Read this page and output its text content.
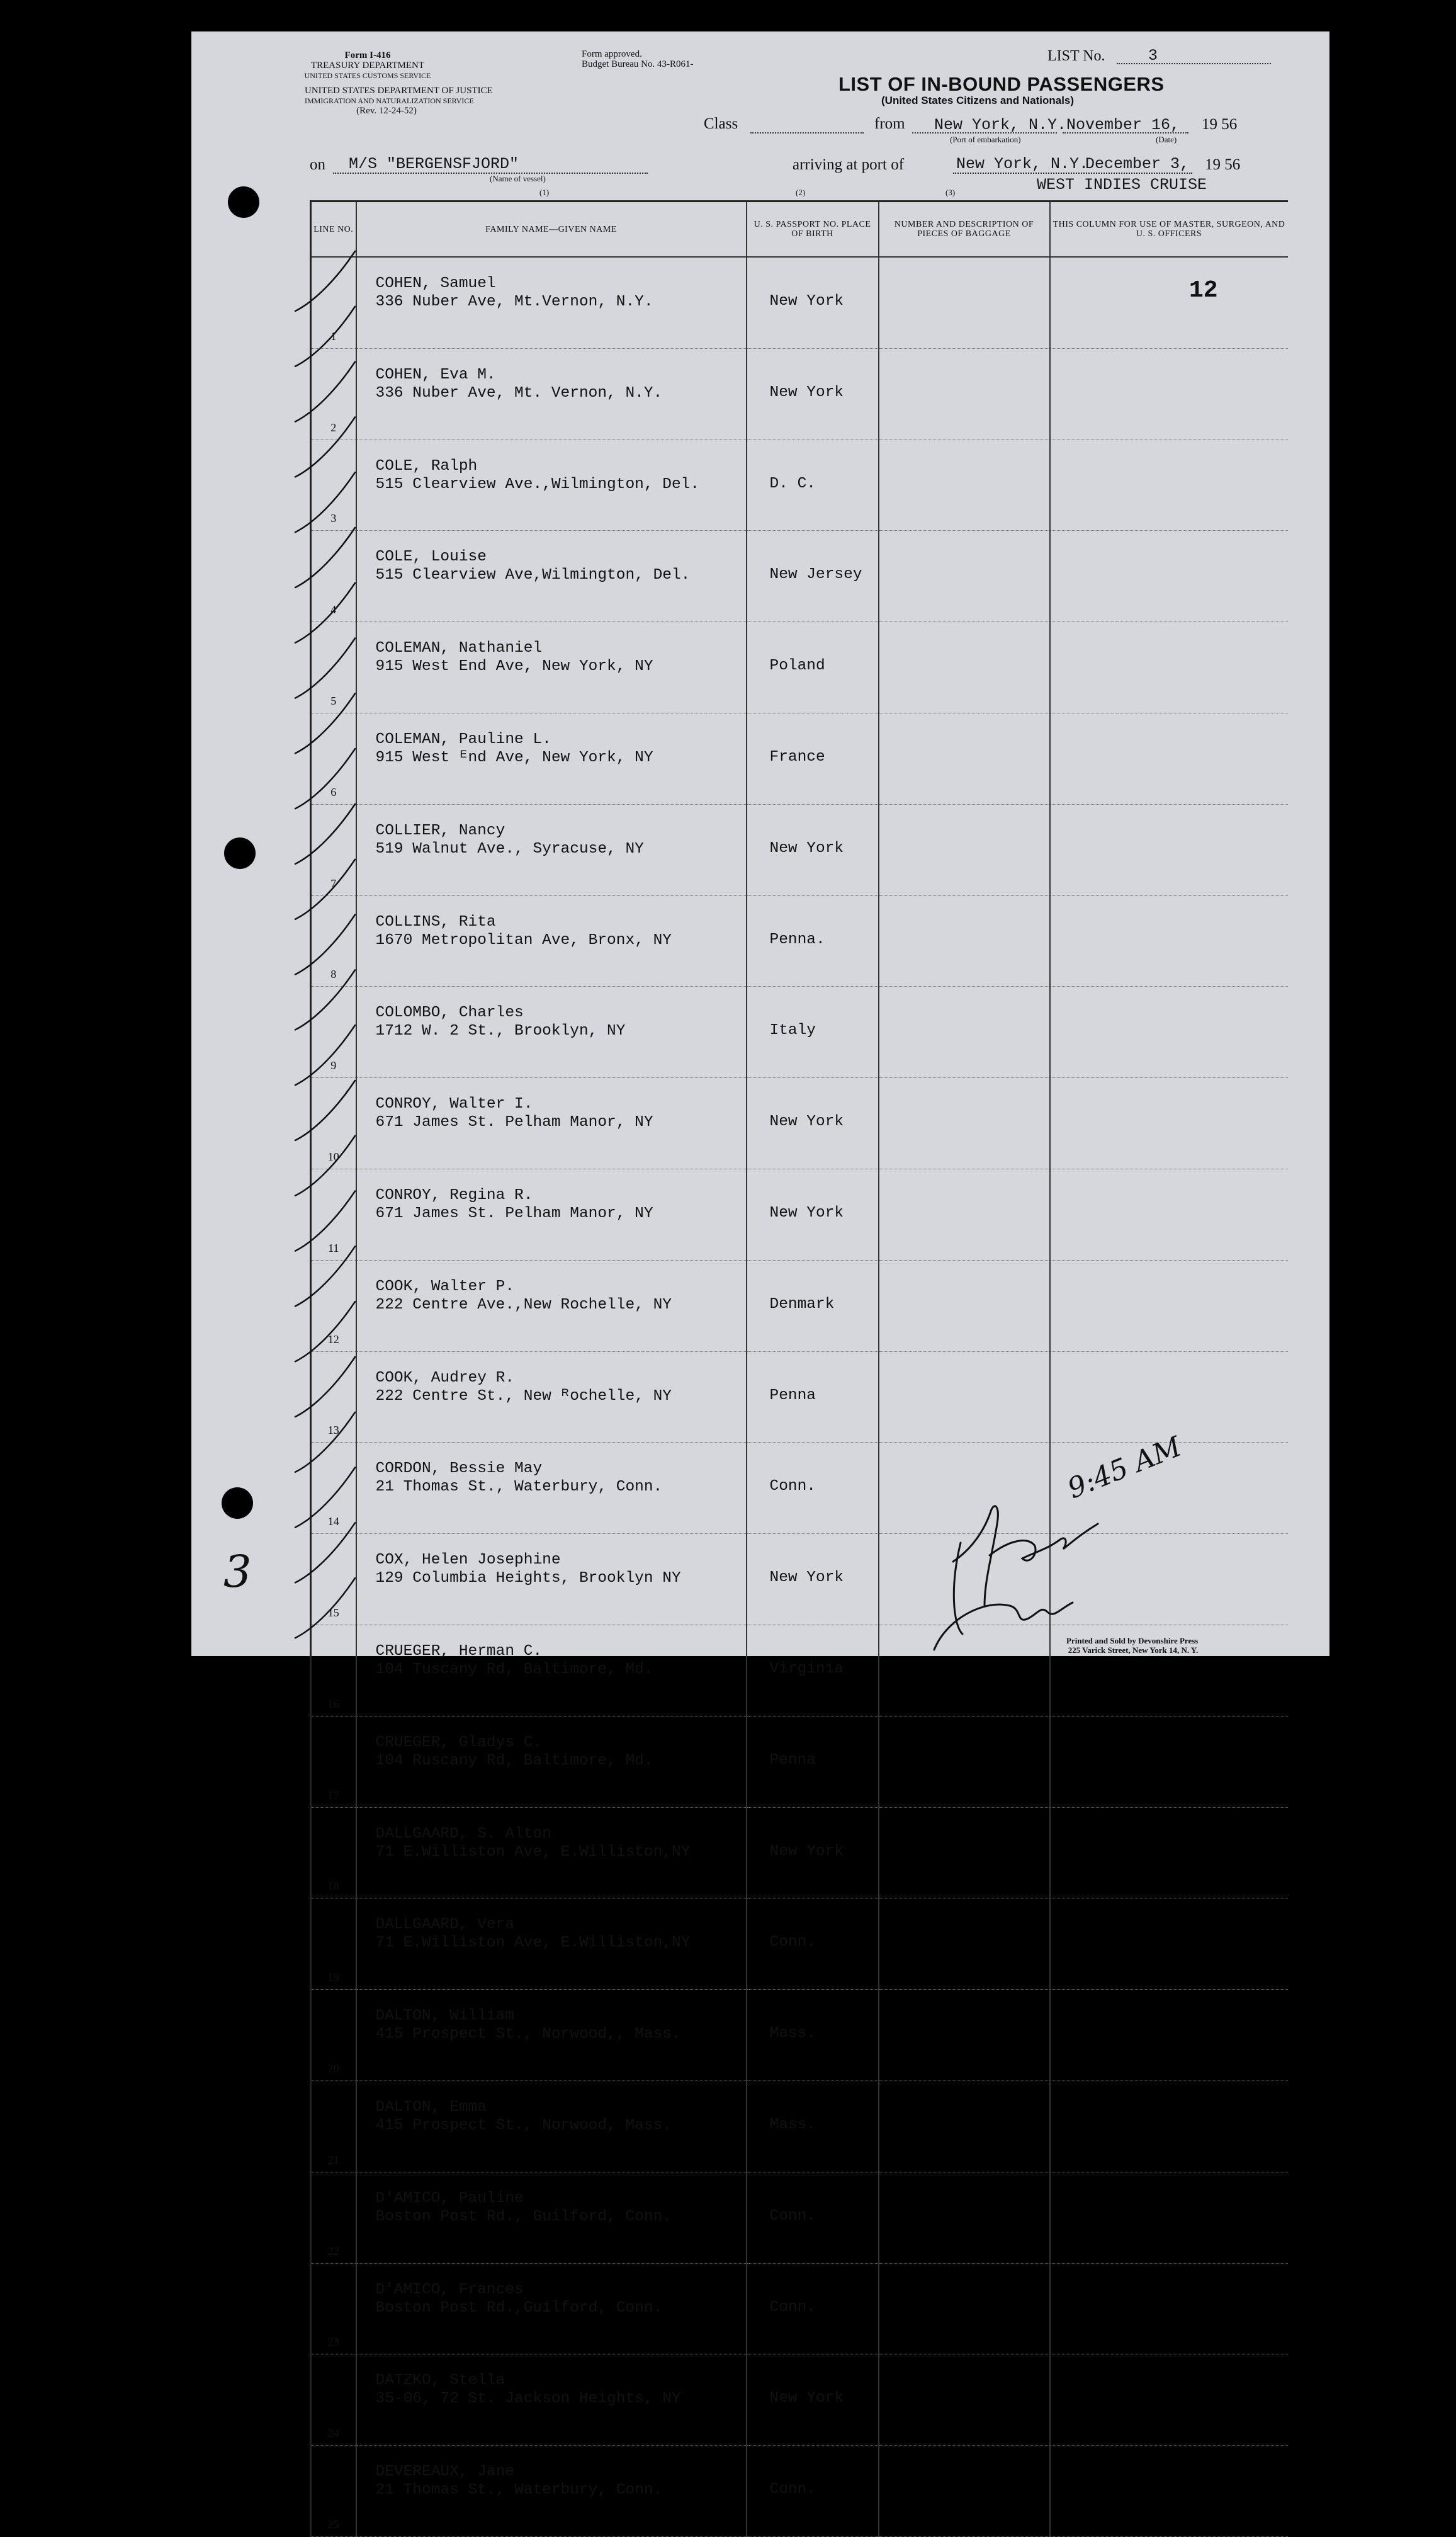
Form I-416
TREASURY DEPARTMENT
UNITED STATES CUSTOMS SERVICE
UNITED STATES DEPARTMENT OF JUSTICE
IMMIGRATION AND NATURALIZATION SERVICE
(Rev. 12-24-52)
Form approved.
Budget Bureau No. 43-R061-	LIST No.	3
LIST OF IN-BOUND PASSENGERS
(United States Citizens and Nationals)
Class	from New York, N.Y. November 16, 19 56
(Port of embarkation)	(Date)
on M/S "BERGENSFJORD"
(Name of vessel)
arriving at port of	New York, N.Y.
December 3, 19 56
WEST INDIES CRUISE
(1)	(2)	(3)
LINE NO.	FAMILY NAME—GIVEN NAME	U. S. PASSPORT NO. PLACE OF BIRTH	NUMBER AND DESCRIPTION OF PIECES OF BAGGAGE	THIS COLUMN FOR USE OF MASTER, SURGEON, AND U. S. OFFICERS

1	COHEN, Samuel
336 Nuber Ave, Mt.Vernon, N.Y.	New York		

2	COHEN, Eva M.
336 Nuber Ave, Mt. Vernon, N.Y.	New York		

3	COLE, Ralph
515 Clearview Ave.,Wilmington, Del.	D. C.		

4	COLE, Louise
515 Clearview Ave,Wilmington, Del.	New Jersey		

5	COLEMAN, Nathaniel
915 West End Ave, New York, NY	Poland		

6	COLEMAN, Pauline L.
915 West ᴱnd Ave, New York, NY	France		

7	COLLIER, Nancy
519 Walnut Ave., Syracuse, NY	New York		

8	COLLINS, Rita
1670 Metropolitan Ave, Bronx, NY	Penna.		

9	COLOMBO, Charles
1712 W. 2 St., Brooklyn, NY	Italy		

10	CONROY, Walter I.
671 James St. Pelham Manor, NY	New York		

11	CONROY, Regina R.
671 James St. Pelham Manor, NY	New York		

12	COOK, Walter P.
222 Centre Ave.,New Rochelle, NY	Denmark		

13	COOK, Audrey R.
222 Centre St., New ᴿochelle, NY	Penna		

14	CORDON, Bessie May
21 Thomas St., Waterbury, Conn.	Conn.		

15	COX, Helen Josephine
129 Columbia Heights, Brooklyn NY	New York		

16	CRUEGER, Herman C.
104 Tuscany Rd, Baltimore, Md.	Virginia		

17	CRUEGER, Gladys C.
104 Ruscany Rd, Baltimore, Md.	Penna		

18	DALLGAARD, S. Alton
71 E.Williston Ave, E.Williston,NY	New York		

19	DALLGAARD, Vera
71 E.Williston Ave, E.Williston,NY	Conn.		

20	DALTON, William
415 Prospect St., Norwood,, Mass.	Mass.		

21	DALTON, Emma
415 Prospect St., Norwood, Mass.	Mass.		

22	D'AMICO, Pauline
Boston Post Rd., Guilford, Conn.	Conn.		

23	D'AMICO, Frances
Boston Post Rd.,Guilford, Conn.	Conn.		

24	DATZKO, Stella
35-06, 72 St. Jackson Heights, NY	New York		

25	DEVEREAUX, Jane
21 Thomas St., Waterbury, Conn.	Conn.		
12
9:45 AM
Printed and Sold by Devonshire Press
225 Varick Street, New York 14, N. Y.
3
